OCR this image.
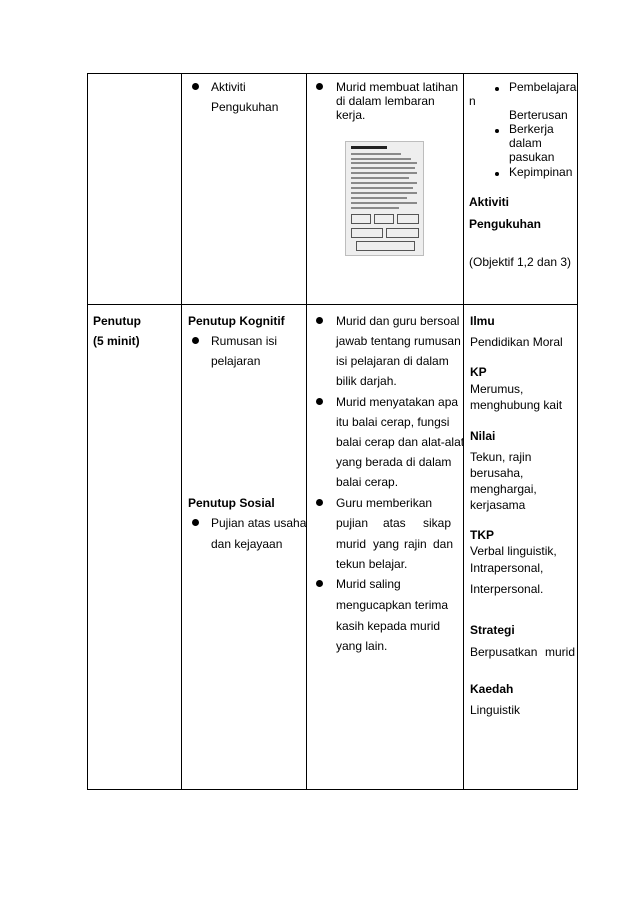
Aktiviti
Pengukuhan
Murid membuat latihan
di dalam lembaran
kerja.
Pembelajara
n
Berterusan
Berkerja
dalam
pasukan
Kepimpinan
Aktiviti
Pengukuhan
(Objektif 1,2 dan 3)
Penutup
(5 minit)
Penutup Kognitif
Rumusan isi
pelajaran
Penutup Sosial
Pujian atas usaha
dan kejayaan
Murid dan guru bersoal
jawab tentang rumusan
isi pelajaran di dalam
bilik darjah.
Murid menyatakan apa
itu balai cerap, fungsi
balai cerap dan alat-alat
yang berada di dalam
balai cerap.
Guru memberikan
pujian atas sikap
murid yang rajin dan
tekun belajar.
Murid saling
mengucapkan terima
kasih kepada murid
yang lain.
Ilmu
Pendidikan Moral
KP
Merumus,
menghubung kait
Nilai
Tekun, rajin
berusaha,
menghargai,
kerjasama
TKP
Verbal linguistik,
Intrapersonal,
Interpersonal.
Strategi
Berpusatkan murid
Kaedah
Linguistik
